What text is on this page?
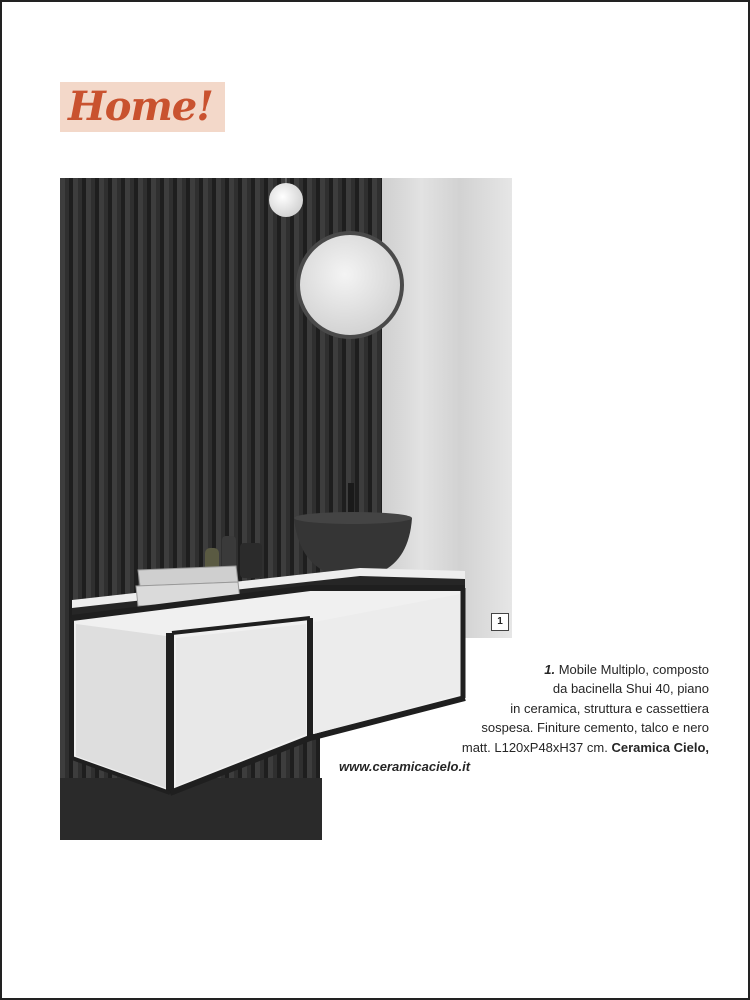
Home!
1
1. Mobile Multiplo, composto
da bacinella Shui 40, piano
in ceramica, struttura e cassettiera
sospesa. Finiture cemento, talco e nero
matt. L120xP48xH37 cm. Ceramica Cielo,
www.ceramicacielo.it
